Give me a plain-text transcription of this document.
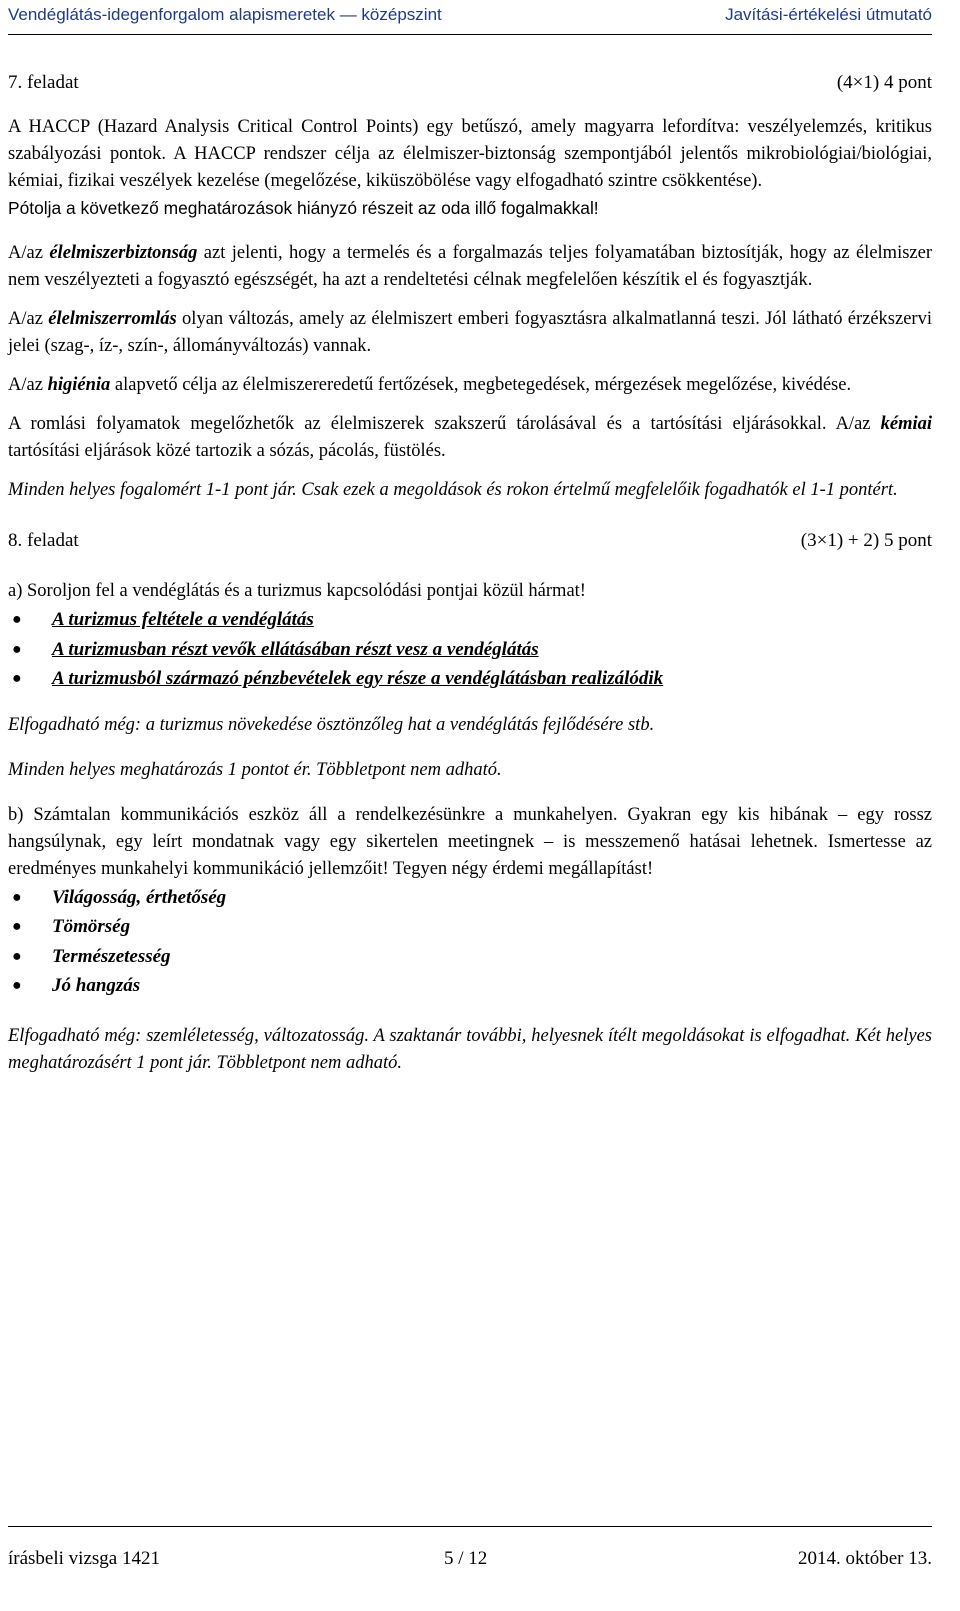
Vendéglátás-idegenforgalom alapismeretek — középszint	Javítási-értékelési útmutató
7. feladat	(4×1) 4 pont

A HACCP (Hazard Analysis Critical Control Points) egy betűszó, amely magyarra lefordítva: veszélyelemzés, kritikus szabályozási pontok. A HACCP rendszer célja az élelmiszer-biztonság szempontjából jelentős mikrobiológiai/biológiai, kémiai, fizikai veszélyek kezelése (megelőzése, kiküszöbölése vagy elfogadható szintre csökkentése).

Pótolja a következő meghatározások hiányzó részeit az oda illő fogalmakkal!

A/az élelmiszerbiztonság azt jelenti, hogy a termelés és a forgalmazás teljes folyamatában biztosítják, hogy az élelmiszer nem veszélyezteti a fogyasztó egészségét, ha azt a rendeltetési célnak megfelelően készítik el és fogyasztják.

A/az élelmiszerromlás olyan változás, amely az élelmiszert emberi fogyasztásra alkalmatlanná teszi. Jól látható érzékszervi jelei (szag-, íz-, szín-, állományváltozás) vannak.

A/az higiénia alapvető célja az élelmiszereredetű fertőzések, megbetegedések, mérgezések megelőzése, kivédése.

A romlási folyamatok megelőzhetők az élelmiszerek szakszerű tárolásával és a tartósítási eljárásokkal. A/az kémiai tartósítási eljárások közé tartozik a sózás, pácolás, füstölés.

Minden helyes fogalomért 1-1 pont jár. Csak ezek a megoldások és rokon értelmű megfelelőik fogadhatók el 1-1 pontért.

8. feladat	(3×1) + 2) 5 pont

a) Soroljon fel a vendéglátás és a turizmus kapcsolódási pontjai közül hármat!

● A turizmus feltétele a vendéglátás
● A turizmusban részt vevők ellátásában részt vesz a vendéglátás
● A turizmusból származó pénzbevételek egy része a vendéglátásban realizálódik

Elfogadható még: a turizmus növekedése ösztönzőleg hat a vendéglátás fejlődésére stb.

Minden helyes meghatározás 1 pontot ér. Többletpont nem adható.

b) Számtalan kommunikációs eszköz áll a rendelkezésünkre a munkahelyen. Gyakran egy kis hibának – egy rossz hangsúlynak, egy leírt mondatnak vagy egy sikertelen meetingnek – is messzemenő hatásai lehetnek. Ismertesse az eredményes munkahelyi kommunikáció jellemzőit! Tegyen négy érdemi megállapítást!

● Világosság, érthetőség
● Tömörség
● Természetesség
● Jó hangzás

Elfogadható még: szemléletesség, változatosság. A szaktanár további, helyesnek ítélt megoldásokat is elfogadhat. Két helyes meghatározásért 1 pont jár. Többletpont nem adható.

írásbeli vizsga 1421	5 / 12	2014. október 13.
